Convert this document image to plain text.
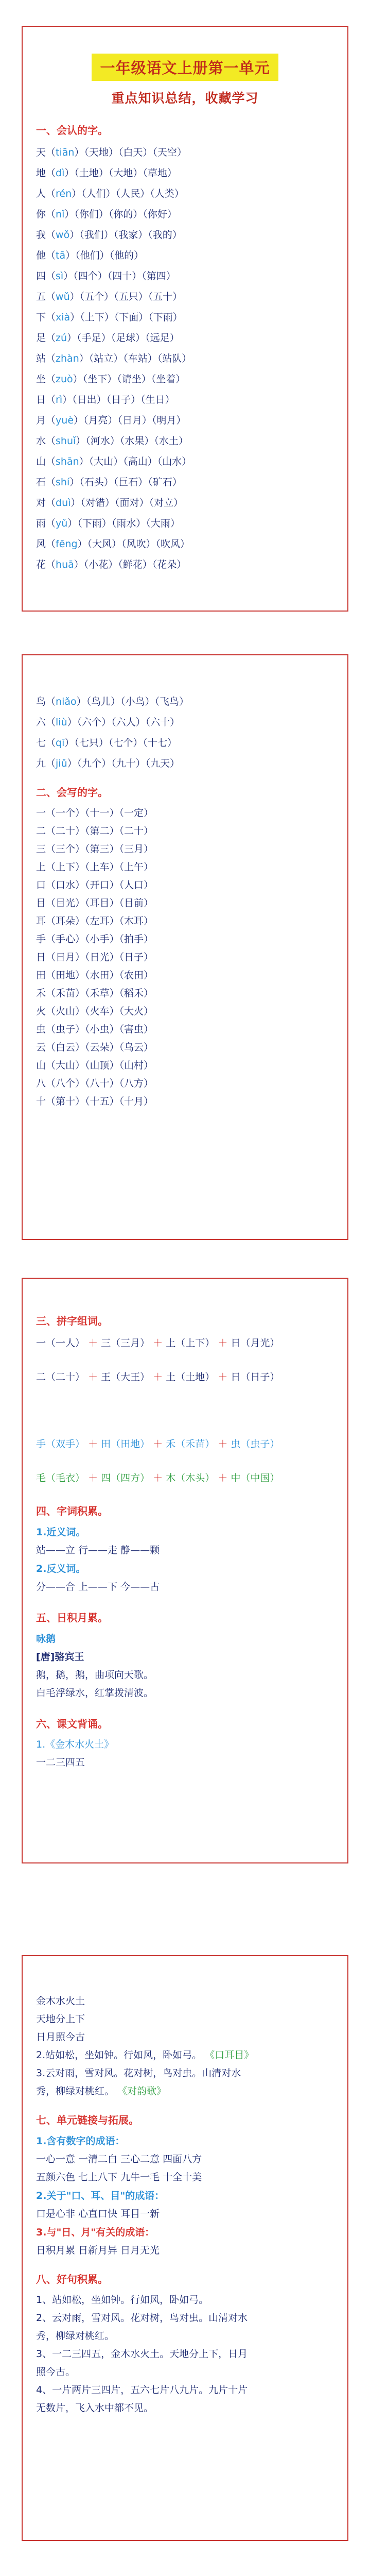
一年级语文上册第一单元
重点知识总结，收藏学习
一、会认的字。
天（tiān）（天地）（白天）（天空）
地（dì）（土地）（大地）（草地）
人（rén）（人们）（人民）（人类）
你（nǐ）（你们）（你的）（你好）
我（wǒ）（我们）（我家）（我的）
他（tā）（他们）（他的）
四（sì）（四个）（四十）（第四）
五（wǔ）（五个）（五只）（五十）
下（xià）（上下）（下面）（下雨）
足（zú）（手足）（足球）（远足）
站（zhàn）（站立）（车站）（站队）
坐（zuò）（坐下）（请坐）（坐着）
日（rì）（日出）（日子）（生日）
月（yuè）（月亮）（日月）（明月）
水（shuǐ）（河水）（水果）（水土）
山（shān）（大山）（高山）（山水）
石（shí）（石头）（巨石）（矿石）
对（duì）（对错）（面对）（对立）
雨（yǔ）（下雨）（雨水）（大雨）
风（fēng）（大风）（风吹）（吹风）
花（huā）（小花）（鲜花）（花朵）
鸟（niǎo）（鸟儿）（小鸟）（飞鸟）
六（liù）（六个）（六人）（六十）
七（qī）（七只）（七个）（十七）
九（jiǔ）（九个）（九十）（九天）
二、会写的字。
一（一个）（十一）（一定）
二（二十）（第二）（二十）
三（三个）（第三）（三月）
上（上下）（上车）（上午）
口（口水）（开口）（人口）
目（目光）（耳目）（目前）
耳（耳朵）（左耳）（木耳）
手（手心）（小手）（拍手）
日（日月）（日光）（日子）
田（田地）（水田）（农田）
禾（禾苗）（禾草）（稻禾）
火（火山）（火车）（大火）
虫（虫子）（小虫）（害虫）
云（白云）（云朵）（乌云）
山（大山）（山顶）（山村）
八（八个）（八十）（八方）
十（第十）（十五）（十月）
三、拼字组词。
一（一人） ＋ 三（三月） ＋ 上（上下） ＋ 日（月光）
二（二十） ＋ 王（大王） ＋ 土（土地） ＋ 日（日子）
手（双手） ＋ 田（田地） ＋ 禾（禾苗） ＋ 虫（虫子）
毛（毛衣） ＋ 四（四方） ＋ 木（木头） ＋ 中（中国）
四、字词积累。
1.近义词。
站——立 行——走 静——颗
2.反义词。
分——合 上——下 今——古
五、日积月累。
咏鹅
[唐]骆宾王
鹅，鹅，鹅，曲项向天歌。
白毛浮绿水，红掌拨清波。
六、课文背诵。
1.《金木水火土》
一二三四五
金木水火土
天地分上下
日月照今古
2.站如松，坐如钟。行如风，卧如弓。 《口耳目》
3.云对雨，雪对风。花对树，鸟对虫。山清对水
秀，柳绿对桃红。 《对韵歌》
七、单元链接与拓展。
1.含有数字的成语：
一心一意 一清二白 三心二意 四面八方
五颜六色 七上八下 九牛一毛 十全十美
2.关于"口、耳、目"的成语：
口是心非 心直口快 耳目一新
3.与"日、月"有关的成语：
日积月累 日新月异 日月无光
八、好句积累。
1、站如松，坐如钟。行如风，卧如弓。
2、云对雨，雪对风。花对树，鸟对虫。山清对水
秀，柳绿对桃红。
3、一二三四五，金木水火土。天地分上下，日月
照今古。
4、一片两片三四片，五六七片八九片。九片十片
无数片，飞入水中都不见。
